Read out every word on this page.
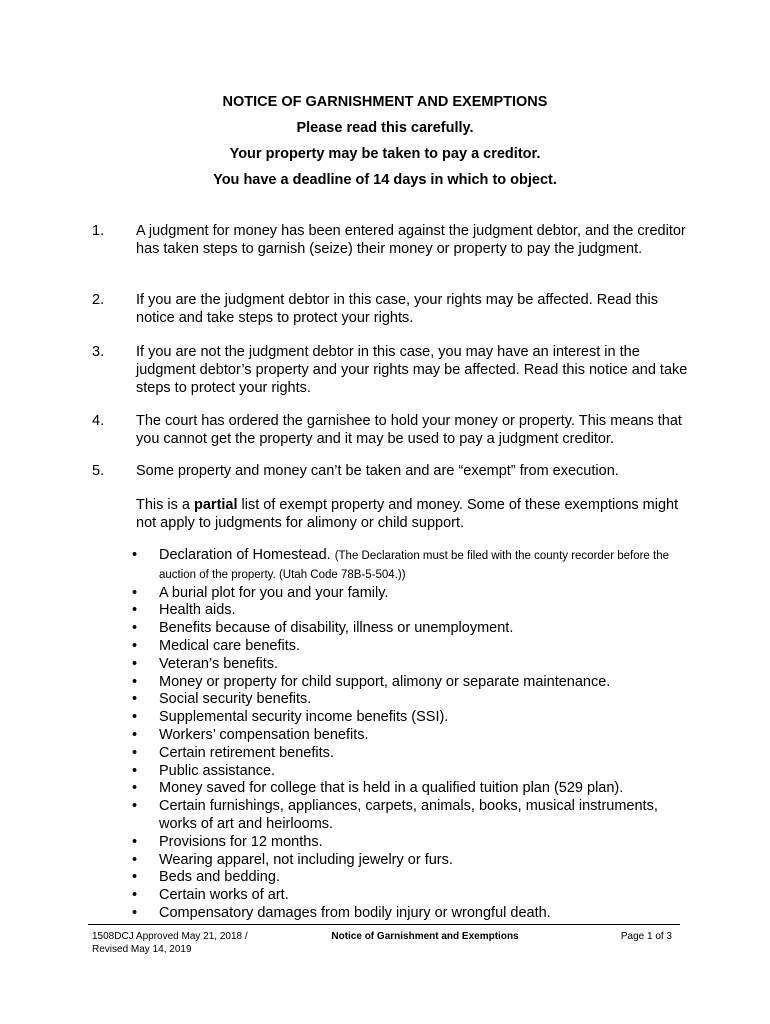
NOTICE OF GARNISHMENT AND EXEMPTIONS
Please read this carefully.
Your property may be taken to pay a creditor.
You have a deadline of 14 days in which to object.
1. A judgment for money has been entered against the judgment debtor, and the creditor has taken steps to garnish (seize) their money or property to pay the judgment.
2. If you are the judgment debtor in this case, your rights may be affected. Read this notice and take steps to protect your rights.
3. If you are not the judgment debtor in this case, you may have an interest in the judgment debtor’s property and your rights may be affected. Read this notice and take steps to protect your rights.
4. The court has ordered the garnishee to hold your money or property. This means that you cannot get the property and it may be used to pay a judgment creditor.
5. Some property and money can’t be taken and are “exempt” from execution.
This is a partial list of exempt property and money. Some of these exemptions might not apply to judgments for alimony or child support.
• Declaration of Homestead. (The Declaration must be filed with the county recorder before the auction of the property. (Utah Code 78B-5-504.))
• A burial plot for you and your family.
• Health aids.
• Benefits because of disability, illness or unemployment.
• Medical care benefits.
• Veteran’s benefits.
• Money or property for child support, alimony or separate maintenance.
• Social security benefits.
• Supplemental security income benefits (SSI).
• Workers’ compensation benefits.
• Certain retirement benefits.
• Public assistance.
• Money saved for college that is held in a qualified tuition plan (529 plan).
• Certain furnishings, appliances, carpets, animals, books, musical instruments, works of art and heirlooms.
• Provisions for 12 months.
• Wearing apparel, not including jewelry or furs.
• Beds and bedding.
• Certain works of art.
• Compensatory damages from bodily injury or wrongful death.
1508DCJ Approved May 21, 2018 /
Revised May 14, 2019
Notice of Garnishment and Exemptions	Page 1 of 3
